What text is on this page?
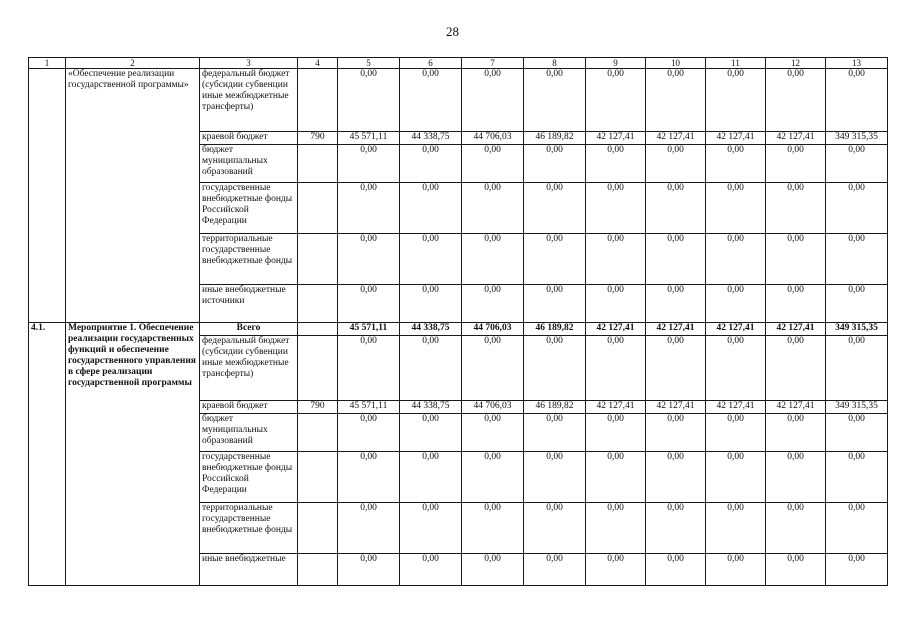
28
1	2	3	4	5	6	7	8	9	10	11	12	13
	«Обеспечение реализации государственной программы»	федеральный бюджет (субсидии субвенции иные межбюджетные трансферты)		0,00	0,00	0,00	0,00	0,00	0,00	0,00	0,00	0,00
		краевой бюджет	790	45 571,11	44 338,75	44 706,03	46 189,82	42 127,41	42 127,41	42 127,41	42 127,41	349 315,35
		бюджет муниципальных образований		0,00	0,00	0,00	0,00	0,00	0,00	0,00	0,00	0,00
		государственные внебюджетные фонды Российской Федерации		0,00	0,00	0,00	0,00	0,00	0,00	0,00	0,00	0,00
		территориальные государственные внебюджетные фонды		0,00	0,00	0,00	0,00	0,00	0,00	0,00	0,00	0,00
		иные внебюджетные источники		0,00	0,00	0,00	0,00	0,00	0,00	0,00	0,00	0,00
4.1.	Мероприятие 1. Обеспечение реализации государственных функций и обеспечение государственного управления в сфере реализации государственной программы	Всего		45 571,11	44 338,75	44 706,03	46 189,82	42 127,41	42 127,41	42 127,41	42 127,41	349 315,35
		федеральный бюджет (субсидии субвенции иные межбюджетные трансферты)		0,00	0,00	0,00	0,00	0,00	0,00	0,00	0,00	0,00
		краевой бюджет	790	45 571,11	44 338,75	44 706,03	46 189,82	42 127,41	42 127,41	42 127,41	42 127,41	349 315,35
		бюджет муниципальных образований		0,00	0,00	0,00	0,00	0,00	0,00	0,00	0,00	0,00
		государственные внебюджетные фонды Российской Федерации		0,00	0,00	0,00	0,00	0,00	0,00	0,00	0,00	0,00
		территориальные государственные внебюджетные фонды		0,00	0,00	0,00	0,00	0,00	0,00	0,00	0,00	0,00
		иные внебюджетные		0,00	0,00	0,00	0,00	0,00	0,00	0,00	0,00	0,00
